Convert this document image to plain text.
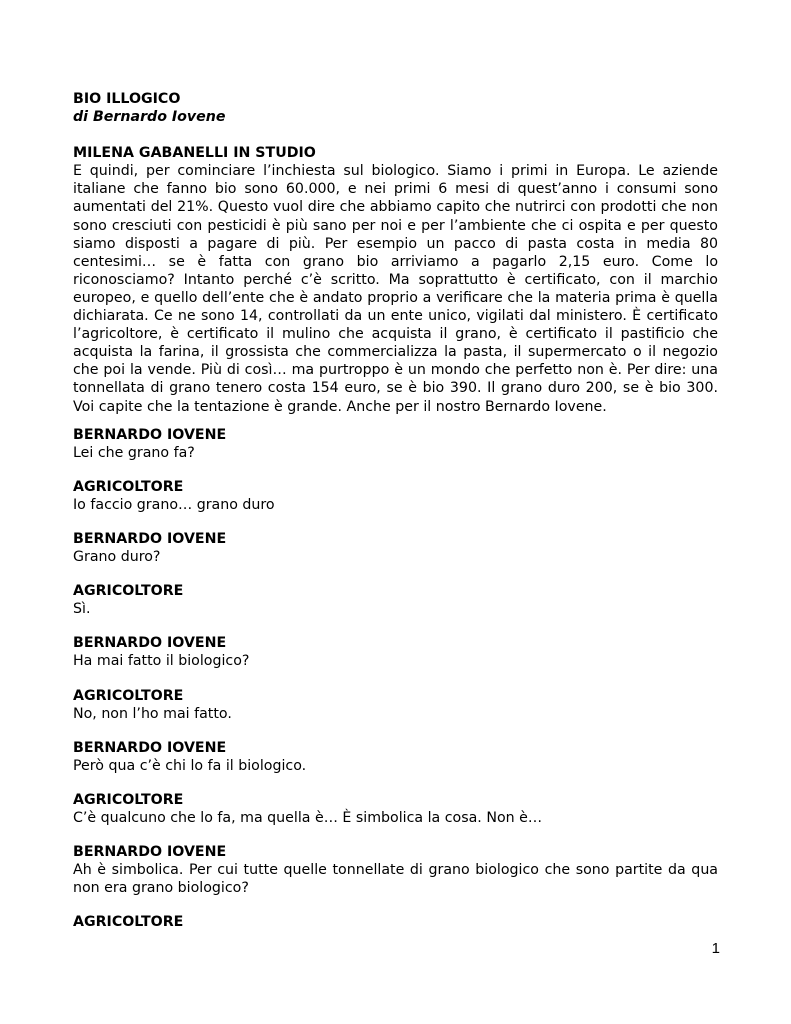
BIO ILLOGICO

di Bernardo Iovene

MILENA GABANELLI IN STUDIO

E quindi, per cominciare l’inchiesta sul biologico. Siamo i primi in Europa. Le aziende italiane che fanno bio sono 60.000, e nei primi 6 mesi di quest’anno i consumi sono aumentati del 21%. Questo vuol dire che abbiamo capito che nutrirci con prodotti che non sono cresciuti con pesticidi è più sano per noi e per l’ambiente che ci ospita e per questo siamo disposti a pagare di più. Per esempio un pacco di pasta costa in media 80 centesimi… se è fatta con grano bio arriviamo a pagarlo 2,15 euro. Come lo riconosciamo? Intanto perché c’è scritto. Ma soprattutto è certificato, con il marchio europeo, e quello dell’ente che è andato proprio a verificare che la materia prima è quella dichiarata. Ce ne sono 14, controllati da un ente unico, vigilati dal ministero. È certificato l’agricoltore, è certificato il mulino che acquista il grano, è certificato il pastificio che acquista la farina, il grossista che commercializza la pasta, il supermercato o il negozio che poi la vende. Più di così… ma purtroppo è un mondo che perfetto non è. Per dire: una tonnellata di grano tenero costa 154 euro, se è bio 390. Il grano duro 200, se è bio 300. Voi capite che la tentazione è grande. Anche per il nostro Bernardo Iovene.

BERNARDO IOVENE

Lei che grano fa?

AGRICOLTORE

Io faccio grano… grano duro

BERNARDO IOVENE

Grano duro?

AGRICOLTORE

Sì.

BERNARDO IOVENE

Ha mai fatto il biologico?

AGRICOLTORE

No, non l’ho mai fatto.

BERNARDO IOVENE

Però qua c’è chi lo fa il biologico.

AGRICOLTORE

C’è qualcuno che lo fa, ma quella è… È simbolica la cosa. Non è…

BERNARDO IOVENE

Ah è simbolica. Per cui tutte quelle tonnellate di grano biologico che sono partite da qua non era grano biologico?

AGRICOLTORE

1
